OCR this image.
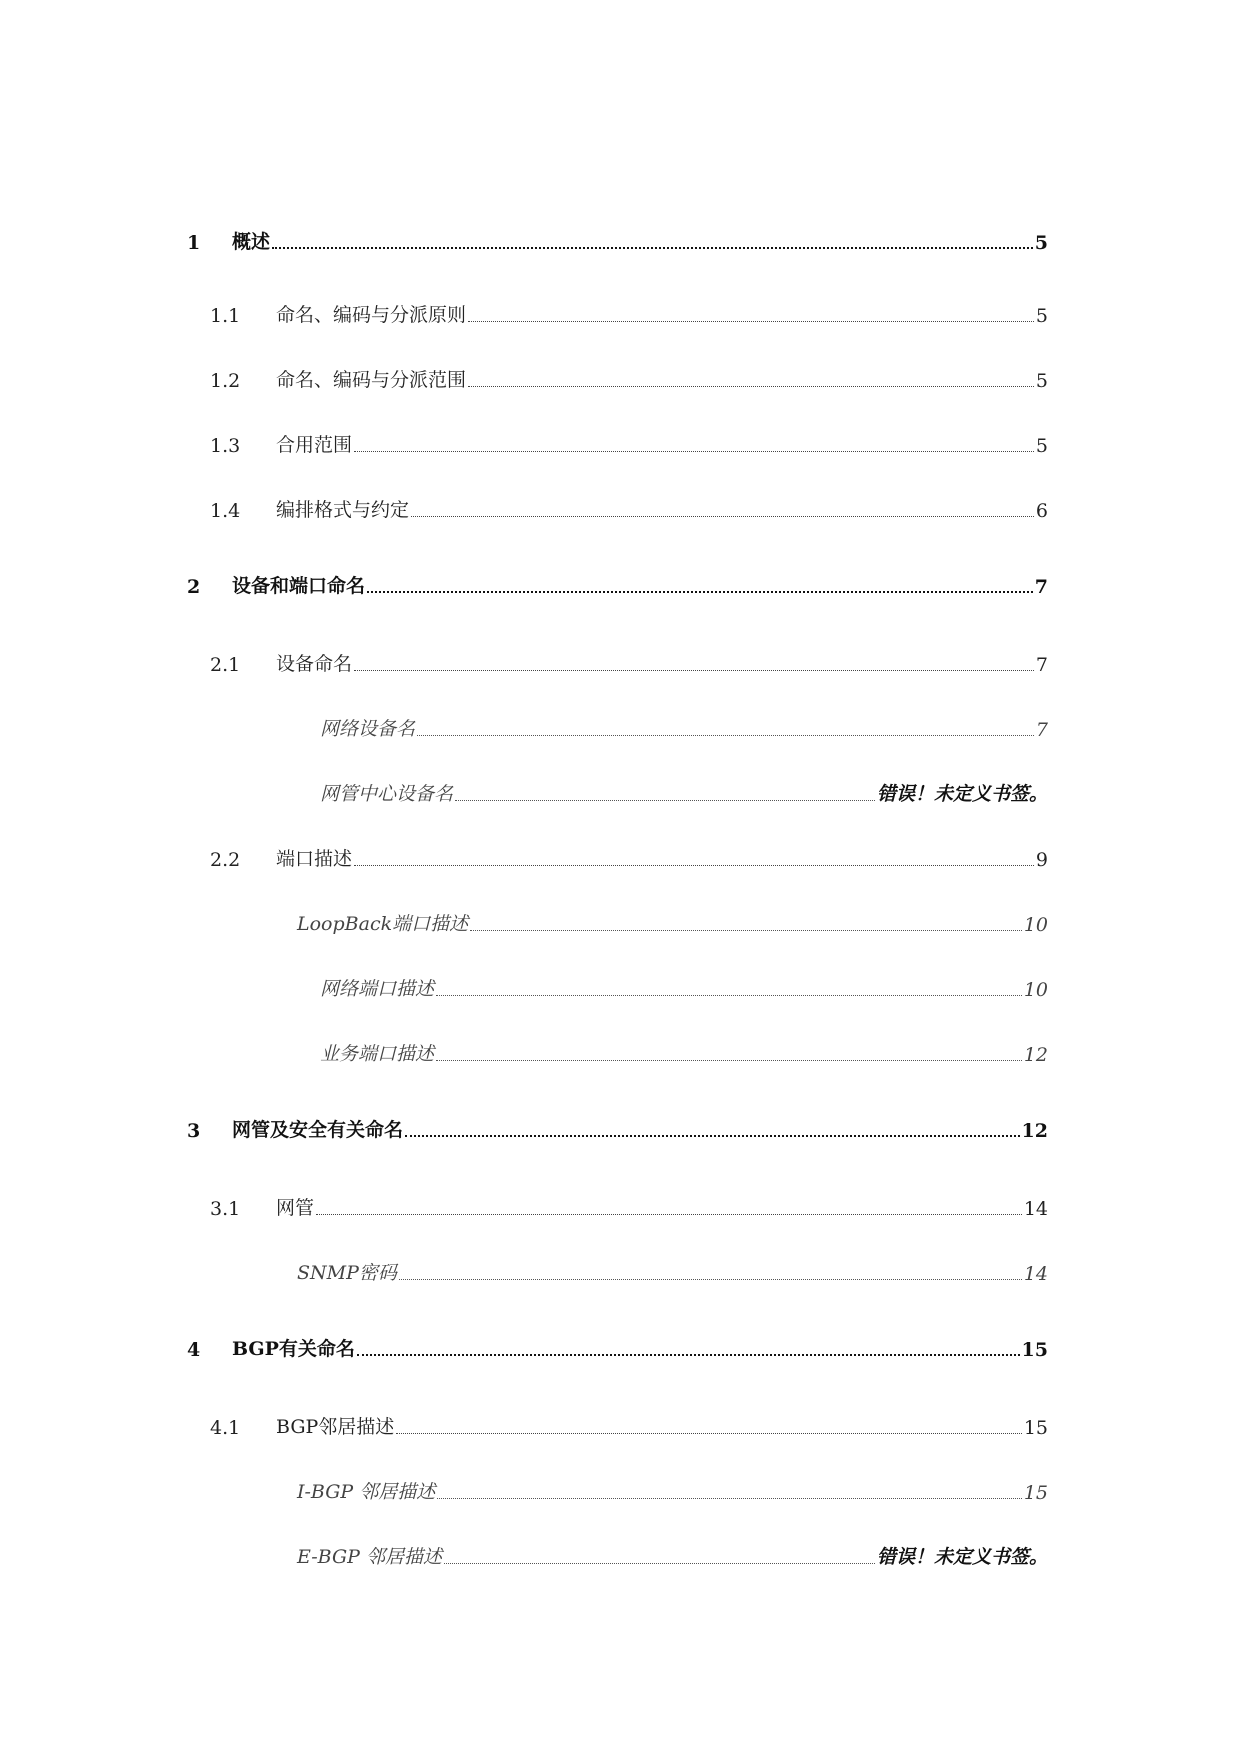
1	概述	5
1.1	命名、编码与分派原则	5
1.2	命名、编码与分派范围	5
1.3	合用范围	5
1.4	编排格式与约定	6
2	设备和端口命名	7
2.1	设备命名	7
网络设备名	7
网管中心设备名	错误！未定义书签。
2.2	端口描述	9
LoopBack端口描述	10
网络端口描述	10
业务端口描述	12
3	网管及安全有关命名	12
3.1	网管	14
SNMP密码	14
4	BGP有关命名	15
4.1	BGP邻居描述	15
I-BGP 邻居描述	15
E-BGP 邻居描述	错误！未定义书签。
